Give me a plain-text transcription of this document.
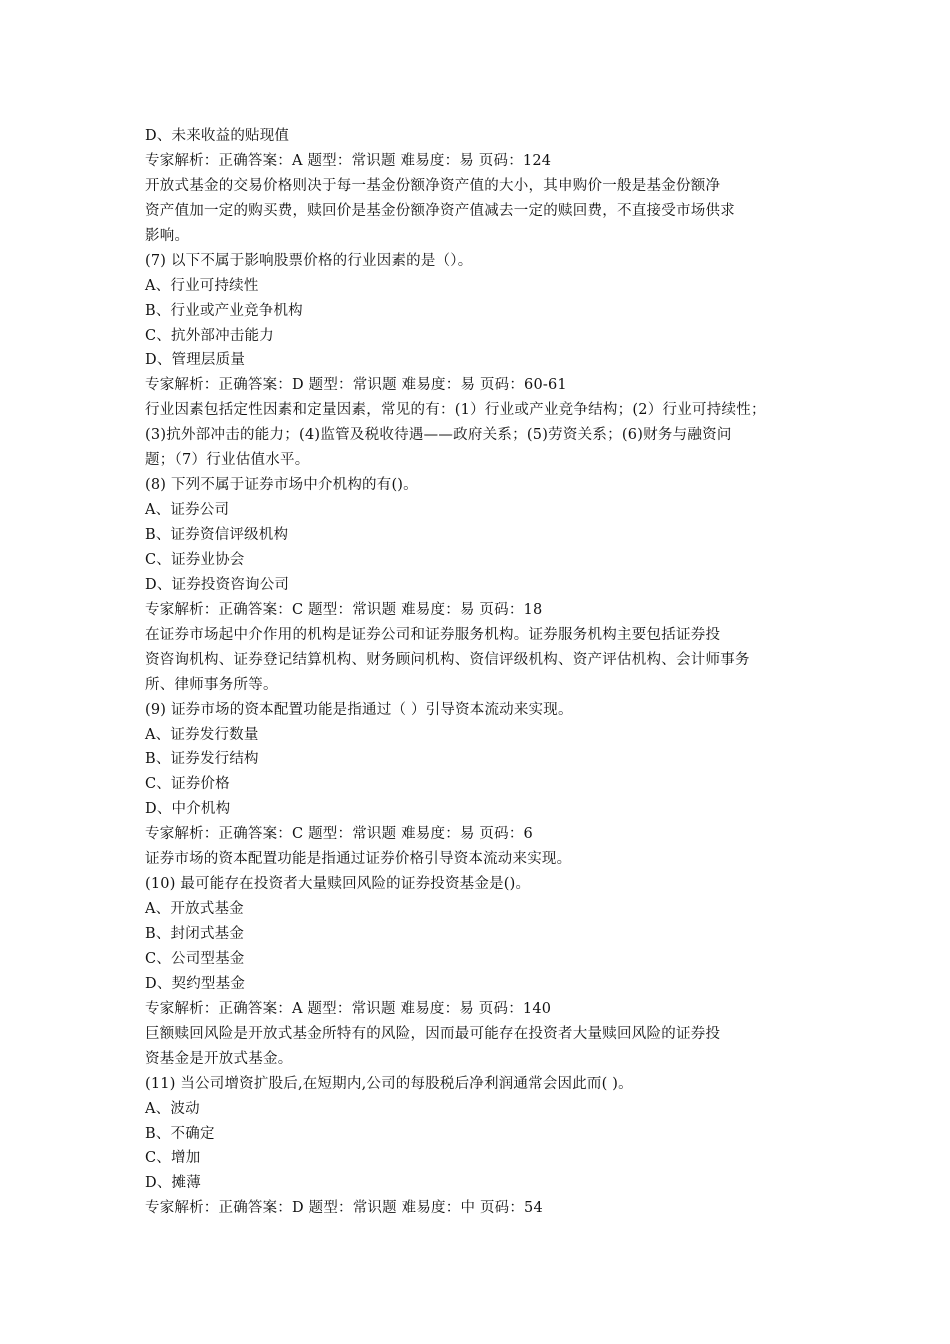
D、未来收益的贴现值
专家解析：正确答案：A 题型：常识题 难易度：易 页码：124
开放式基金的交易价格则决于每一基金份额净资产值的大小，其申购价一般是基金份额净
资产值加一定的购买费，赎回价是基金份额净资产值减去一定的赎回费，不直接受市场供求
影响。
(7) 以下不属于影响股票价格的行业因素的是（）。
A、行业可持续性
B、行业或产业竞争机构
C、抗外部冲击能力
D、管理层质量
专家解析：正确答案：D 题型：常识题 难易度：易 页码：60-61
行业因素包括定性因素和定量因素，常见的有：(1）行业或产业竞争结构；(2）行业可持续性；
(3)抗外部冲击的能力；(4)监管及税收待遇——政府关系；(5)劳资关系；(6)财务与融资问
题；（7）行业估值水平。
(8) 下列不属于证券市场中介机构的有()。
A、证券公司
B、证券资信评级机构
C、证券业协会
D、证券投资咨询公司
专家解析：正确答案：C 题型：常识题 难易度：易 页码：18
在证券市场起中介作用的机构是证券公司和证券服务机构。证券服务机构主要包括证券投
资咨询机构、证券登记结算机构、财务顾问机构、资信评级机构、资产评估机构、会计师事务
所、律师事务所等。
(9) 证券市场的资本配置功能是指通过（ ）引导资本流动来实现。
A、证券发行数量
B、证券发行结构
C、证券价格
D、中介机构
专家解析：正确答案：C 题型：常识题 难易度：易 页码：6
证券市场的资本配置功能是指通过证券价格引导资本流动来实现。
(10) 最可能存在投资者大量赎回风险的证券投资基金是()。
A、开放式基金
B、封闭式基金
C、公司型基金
D、契约型基金
专家解析：正确答案：A 题型：常识题 难易度：易 页码：140
巨额赎回风险是开放式基金所特有的风险，因而最可能存在投资者大量赎回风险的证券投
资基金是开放式基金。
(11) 当公司增资扩股后,在短期内,公司的每股税后净利润通常会因此而( )。
A、波动
B、不确定
C、增加
D、摊薄
专家解析：正确答案：D 题型：常识题 难易度：中 页码：54
